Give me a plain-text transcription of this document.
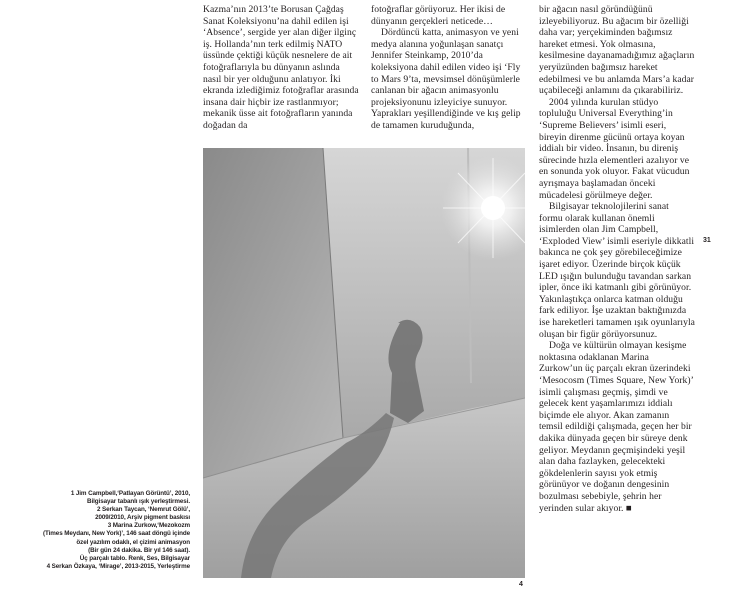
Kazma’nın 2013’te Borusan Çağdaş Sanat Koleksiyonu’na dahil edilen işi ‘Absence’, sergide yer alan diğer ilginç iş. Hollanda’nın terk edilmiş NATO üssünde çektiği küçük nesnelere de ait fotoğraflarıyla bu dünyanın aslında nasıl bir yer olduğunu anlatıyor. İki ekranda izlediğimiz fotoğraflar arasında insana dair hiçbir ize rastlanmıyor; mekanik üsse ait fotoğrafların yanında doğadan da

fotoğraflar görüyoruz. Her ikisi de dünyanın gerçekleri neticede…

Dördüncü katta, animasyon ve yeni medya alanına yoğunlaşan sanatçı Jennifer Steinkamp, 2010’da koleksiyona dahil edilen video işi ‘Fly to Mars 9’ta, mevsimsel dönüşümlerle canlanan bir ağacın animasyonlu projeksiyonunu izleyiciye sunuyor. Yaprakları yeşillendiğinde ve kış gelip de tamamen kuruduğunda,

bir ağacın nasıl göründüğünü izleyebiliyoruz. Bu ağacım bir özelliği daha var; yerçekiminden bağımsız hareket etmesi. Yok olmasına, kesilmesine dayanamadığımız ağaçların yeryüzünden bağımsız hareket edebilmesi ve bu anlamda Mars’a kadar uçabileceği anlamını da çıkarabiliriz.

2004 yılında kurulan stüdyo topluluğu Universal Everything’in ‘Supreme Believers’ isimli eseri, bireyin direnme gücünü ortaya koyan iddialı bir video. İnsanın, bu direniş sürecinde hızla elementleri azalıyor ve en sonunda yok oluyor. Fakat vücudun ayrışmaya başlamadan önceki mücadelesi görülmeye değer.

Bilgisayar teknolojilerini sanat formu olarak kullanan önemli isimlerden olan Jim Campbell, ‘Exploded View’ isimli eseriyle dikkatli bakınca ne çok şey görebileceğimize işaret ediyor. Üzerinde birçok küçük LED ışığın bulunduğu tavandan sarkan ipler, önce iki katmanlı gibi görünüyor. Yakınlaştıkça onlarca katman olduğu fark ediliyor. İşe uzaktan baktığınızda ise hareketleri tamamen ışık oyunlarıyla oluşan bir figür görüyorsunuz.

Doğa ve kültürün olmayan kesişme noktasına odaklanan Marina Zurkow’un üç parçalı ekran üzerindeki ‘Mesocosm (Times Square, New York)’ isimli çalışması geçmiş, şimdi ve gelecek kent yaşamlarımızı iddialı biçimde ele alıyor. Akan zamanın temsil edildiği çalışmada, geçen her bir dakika dünyada geçen bir süreye denk geliyor. Meydanın geçmişindeki yeşil alan daha fazlayken, gelecekteki gökdelenlerin sayısı yok etmiş görünüyor ve doğanın dengesinin bozulması sebebiyle, şehrin her yerinden sular akıyor. ■

1 Jim Campbell,‘Patlayan Görüntü’, 2010,
Bilgisayar tabanlı ışık yerleştirmesi.
2 Serkan Taycan, ‘Nemrut Gölü’,
2009/2010, Arşiv pigment baskısı
3 Marina Zurkow,‘Mezokozm
(Times Meydanı, New York)’, 146 saat döngü içinde
özel yazılım odaklı, el çizimi animasyon
(Bir gün 24 dakika. Bir yıl 146 saat).
Üç parçalı tablo. Renk, Ses, Bilgisayar
4 Serkan Özkaya, ‘Mirage’, 2013-2015, Yerleştirme
4
31
